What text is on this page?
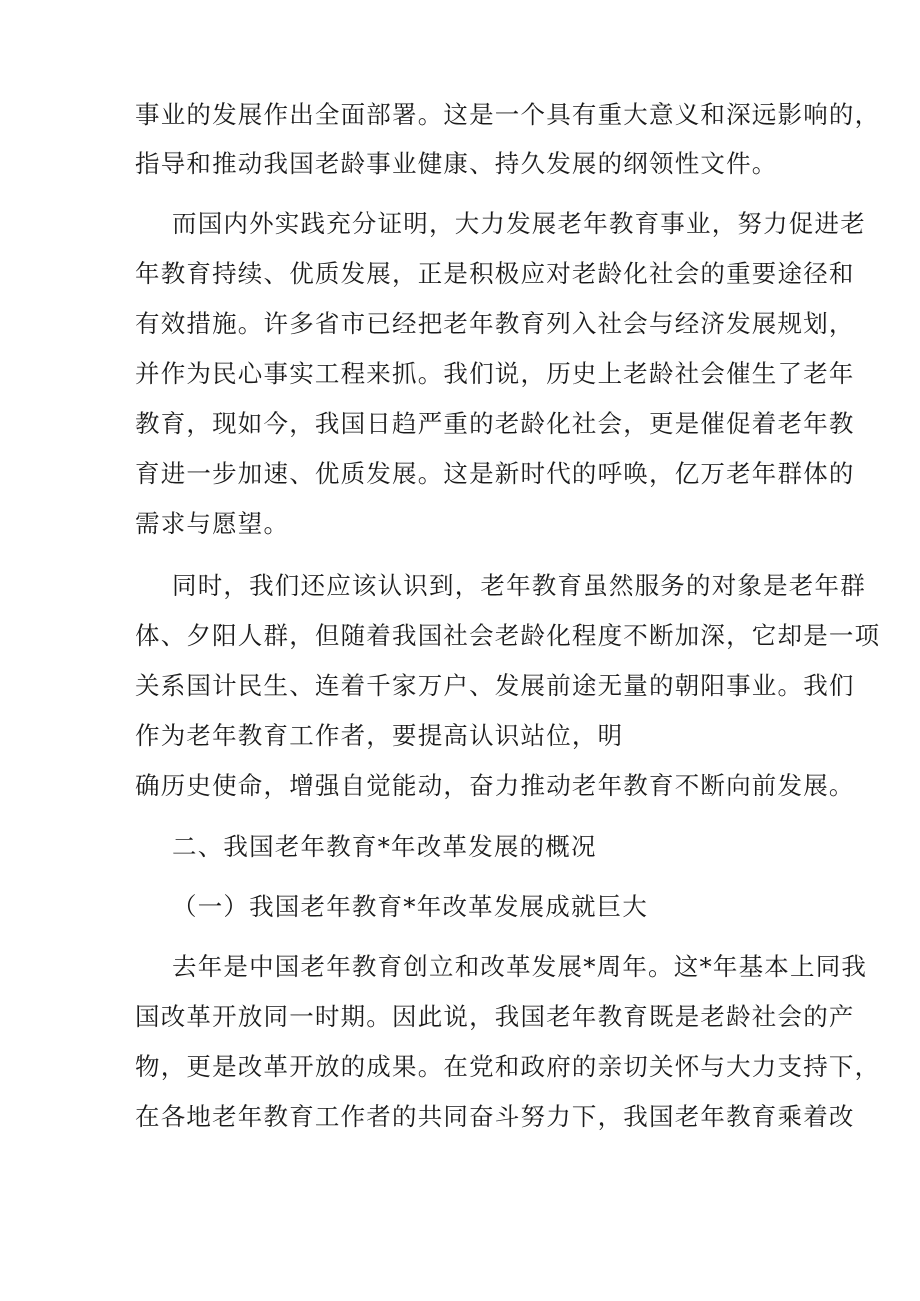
事业的发展作出全面部署。这是一个具有重大意义和深远影响的，
指导和推动我国老龄事业健康、持久发展的纲领性文件。
而国内外实践充分证明，大力发展老年教育事业，努力促进老
年教育持续、优质发展，正是积极应对老龄化社会的重要途径和
有效措施。许多省市已经把老年教育列入社会与经济发展规划，
并作为民心事实工程来抓。我们说，历史上老龄社会催生了老年
教育，现如今，我国日趋严重的老龄化社会，更是催促着老年教
育进一步加速、优质发展。这是新时代的呼唤，亿万老年群体的
需求与愿望。
同时，我们还应该认识到，老年教育虽然服务的对象是老年群
体、夕阳人群，但随着我国社会老龄化程度不断加深，它却是一项
关系国计民生、连着千家万户、发展前途无量的朝阳事业。我们
作为老年教育工作者，要提高认识站位，明
确历史使命，增强自觉能动，奋力推动老年教育不断向前发展。
二、我国老年教育*年改革发展的概况
（一）我国老年教育*年改革发展成就巨大
去年是中国老年教育创立和改革发展*周年。这*年基本上同我
国改革开放同一时期。因此说，我国老年教育既是老龄社会的产
物，更是改革开放的成果。在党和政府的亲切关怀与大力支持下，
在各地老年教育工作者的共同奋斗努力下，我国老年教育乘着改
